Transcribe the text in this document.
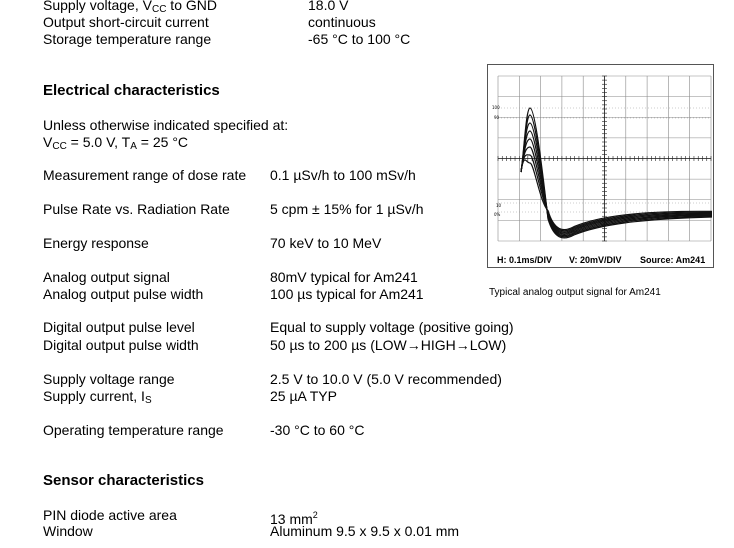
Supply voltage, $V_{CC}$ to GND	18.0 V
Output short-circuit current	continuous
Storage temperature range	-65 °C to 100 °C
Electrical characteristics
Unless otherwise indicated specified at:
$V_{CC} = 5.0$ V, $T_A = 25$ °C
Measurement range of dose rate 0.1 µSv/h to 100 mSv/h
Pulse Rate vs. Radiation Rate	5 cpm ± 15% for 1 µSv/h
Energy response	70 keV to 10 MeV
Analog output signal	80mV typical for Am241
Analog output pulse width	100 µs typical for Am241
Digital output pulse level	Equal to supply voltage (positive going)
Digital output pulse width	50 µs to 200 µs (LOW→HIGH→LOW)
Supply voltage range	2.5 V to 10.0 V (5.0 V recommended)
Supply current, $I_S$	25 µA TYP
Operating temperature range	-30 °C to 60 °C
Sensor characteristics
PIN diode active area	13 $mm^2$
Window	Aluminum 9.5 x 9.5 x 0.01 mm
100
90
10
0%
H: 0.1ms/DIV V: 20mV/DIV Source: Am241
Typical analog output signal for Am241
